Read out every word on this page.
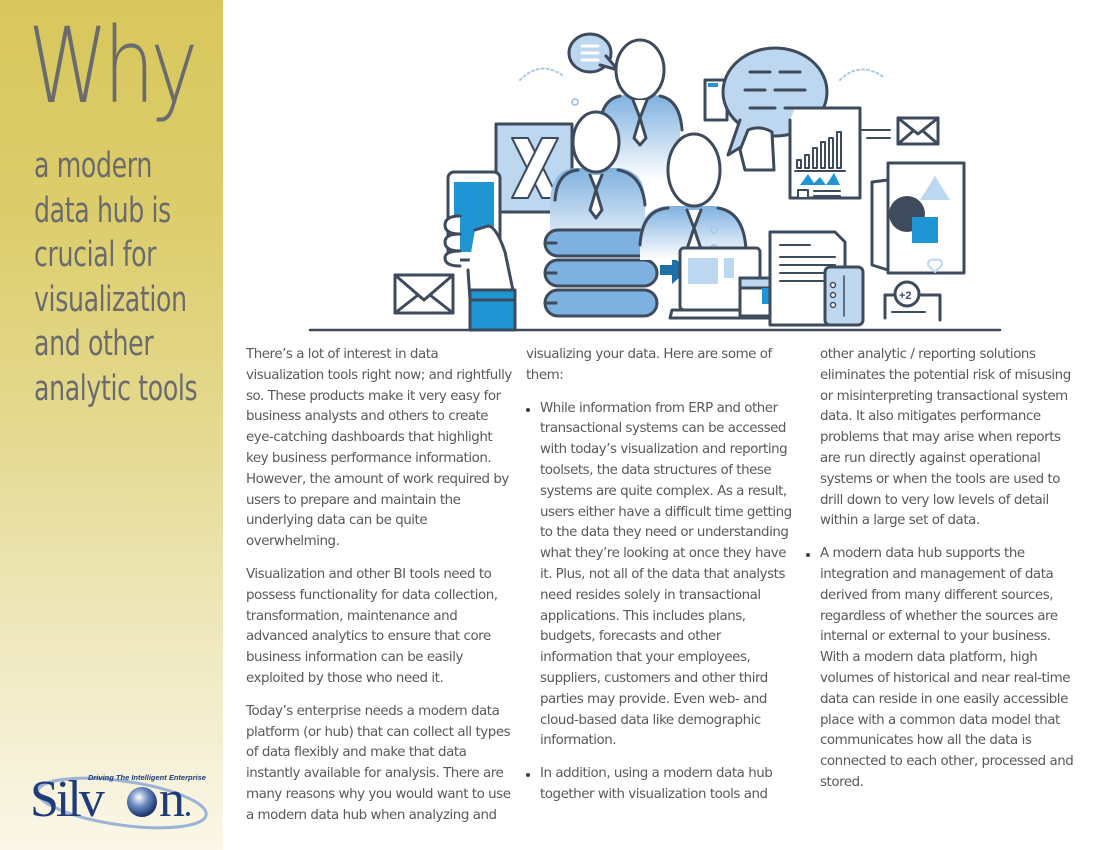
Why
a modern
data hub is
crucial for
visualization
and other
analytic tools
Silv n
Driving The Intelligent Enterprise
+2

There’s a lot of interest in data visualization tools right now; and rightfully so. These products make it very easy for business analysts and others to create eye-catching dashboards that highlight key business performance information. However, the amount of work required by users to prepare and maintain the underlying data can be quite overwhelming.

Visualization and other BI tools need to possess functionality for data collection, transformation, maintenance and advanced analytics to ensure that core business information can be easily exploited by those who need it.

Today’s enterprise needs a modern data platform (or hub) that can collect all types of data flexibly and make that data instantly available for analysis. There are many reasons why you would want to use a modern data hub when analyzing and

visualizing your data. Here are some of them:

While information from ERP and other transactional systems can be accessed with today’s visualization and reporting toolsets, the data structures of these systems are quite complex. As a result, users either have a difficult time getting to the data they need or understanding what they’re looking at once they have it. Plus, not all of the data that analysts need resides solely in transactional applications. This includes plans, budgets, forecasts and other information that your employees, suppliers, customers and other third parties may provide. Even web- and cloud-based data like demographic information.
In addition, using a modern data hub together with visualization tools and
other analytic / reporting solutions eliminates the potential risk of misusing or misinterpreting transactional system data. It also mitigates performance problems that may arise when reports are run directly against operational systems or when the tools are used to drill down to very low levels of detail within a large set of data.
A modern data hub supports the integration and management of data derived from many different sources, regardless of whether the sources are internal or external to your business. With a modern data platform, high volumes of historical and near real-time data can reside in one easily accessible place with a common data model that communicates how all the data is connected to each other, processed and stored.
